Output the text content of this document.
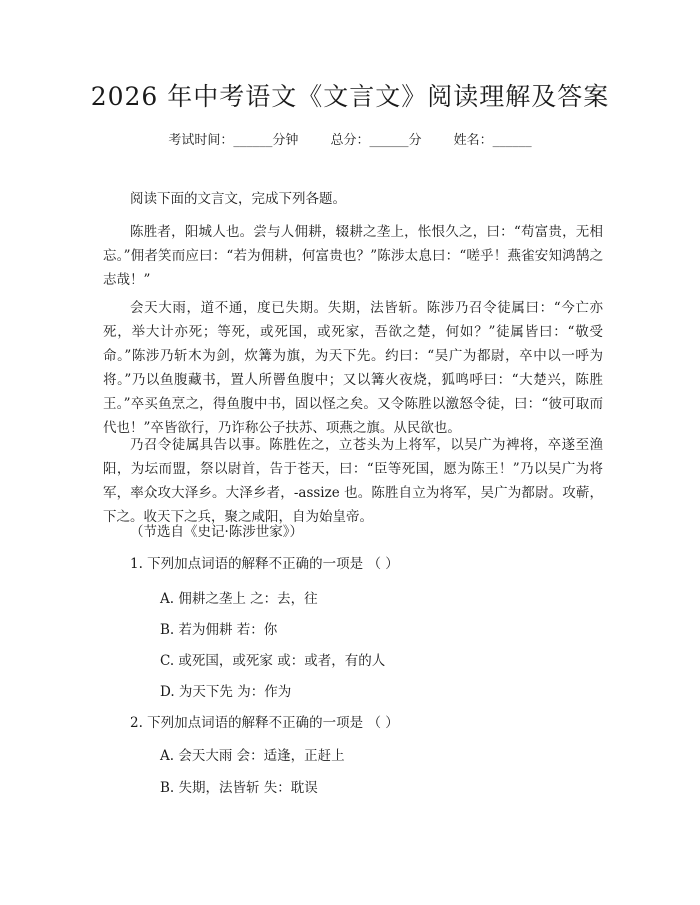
2026 年中考语文《文言文》阅读理解及答案
考试时间：______分钟 总分：______分 姓名：______
阅读下面的文言文，完成下列各题。
陈胜者，阳城人也。尝与人佣耕，辍耕之垄上，怅恨久之，曰：“苟富贵，无相忘。”佣者笑而应曰：“若为佣耕，何富贵也？”陈涉太息曰：“嗟乎！燕雀安知鸿鹄之志哉！”
会天大雨，道不通，度已失期。失期，法皆斩。陈涉乃召令徒属曰：“今亡亦死，举大计亦死；等死，或死国，或死家，吾欲之楚，何如？”徒属皆曰：“敬受命。”陈涉乃斩木为剑，炊篝为旗，为天下先。约曰：“吴广为都尉，卒中以一呼为将。”乃以鱼腹藏书，置人所罾鱼腹中；又以篝火夜烧，狐鸣呼曰：“大楚兴，陈胜王。”卒买鱼烹之，得鱼腹中书，固以怪之矣。又令陈胜以激怒令徒，曰：“彼可取而代也！”卒皆欲行，乃诈称公子扶苏、项燕之旗。从民欲也。
乃召令徒属具告以事。陈胜佐之，立苍头为上将军，以吴广为裨将，卒遂至渔阳，为坛而盟，祭以尉首，告于苍天，曰：“臣等死国，愿为陈王！”乃以吴广为将军，率众攻大泽乡。大泽乡者，-assize 也。陈胜自立为将军，吴广为都尉。攻蕲，下之。收天下之兵，聚之咸阳，自为始皇帝。
（节选自《史记·陈涉世家》）
1. 下列加点词语的解释不正确的一项是 （ ）
A. 佣耕之垄上 之：去，往
B. 若为佣耕 若：你
C. 或死国，或死家 或：或者，有的人
D. 为天下先 为：作为
2. 下列加点词语的解释不正确的一项是 （ ）
A. 会天大雨 会：适逢，正赶上
B. 失期，法皆斩 失：耽误
